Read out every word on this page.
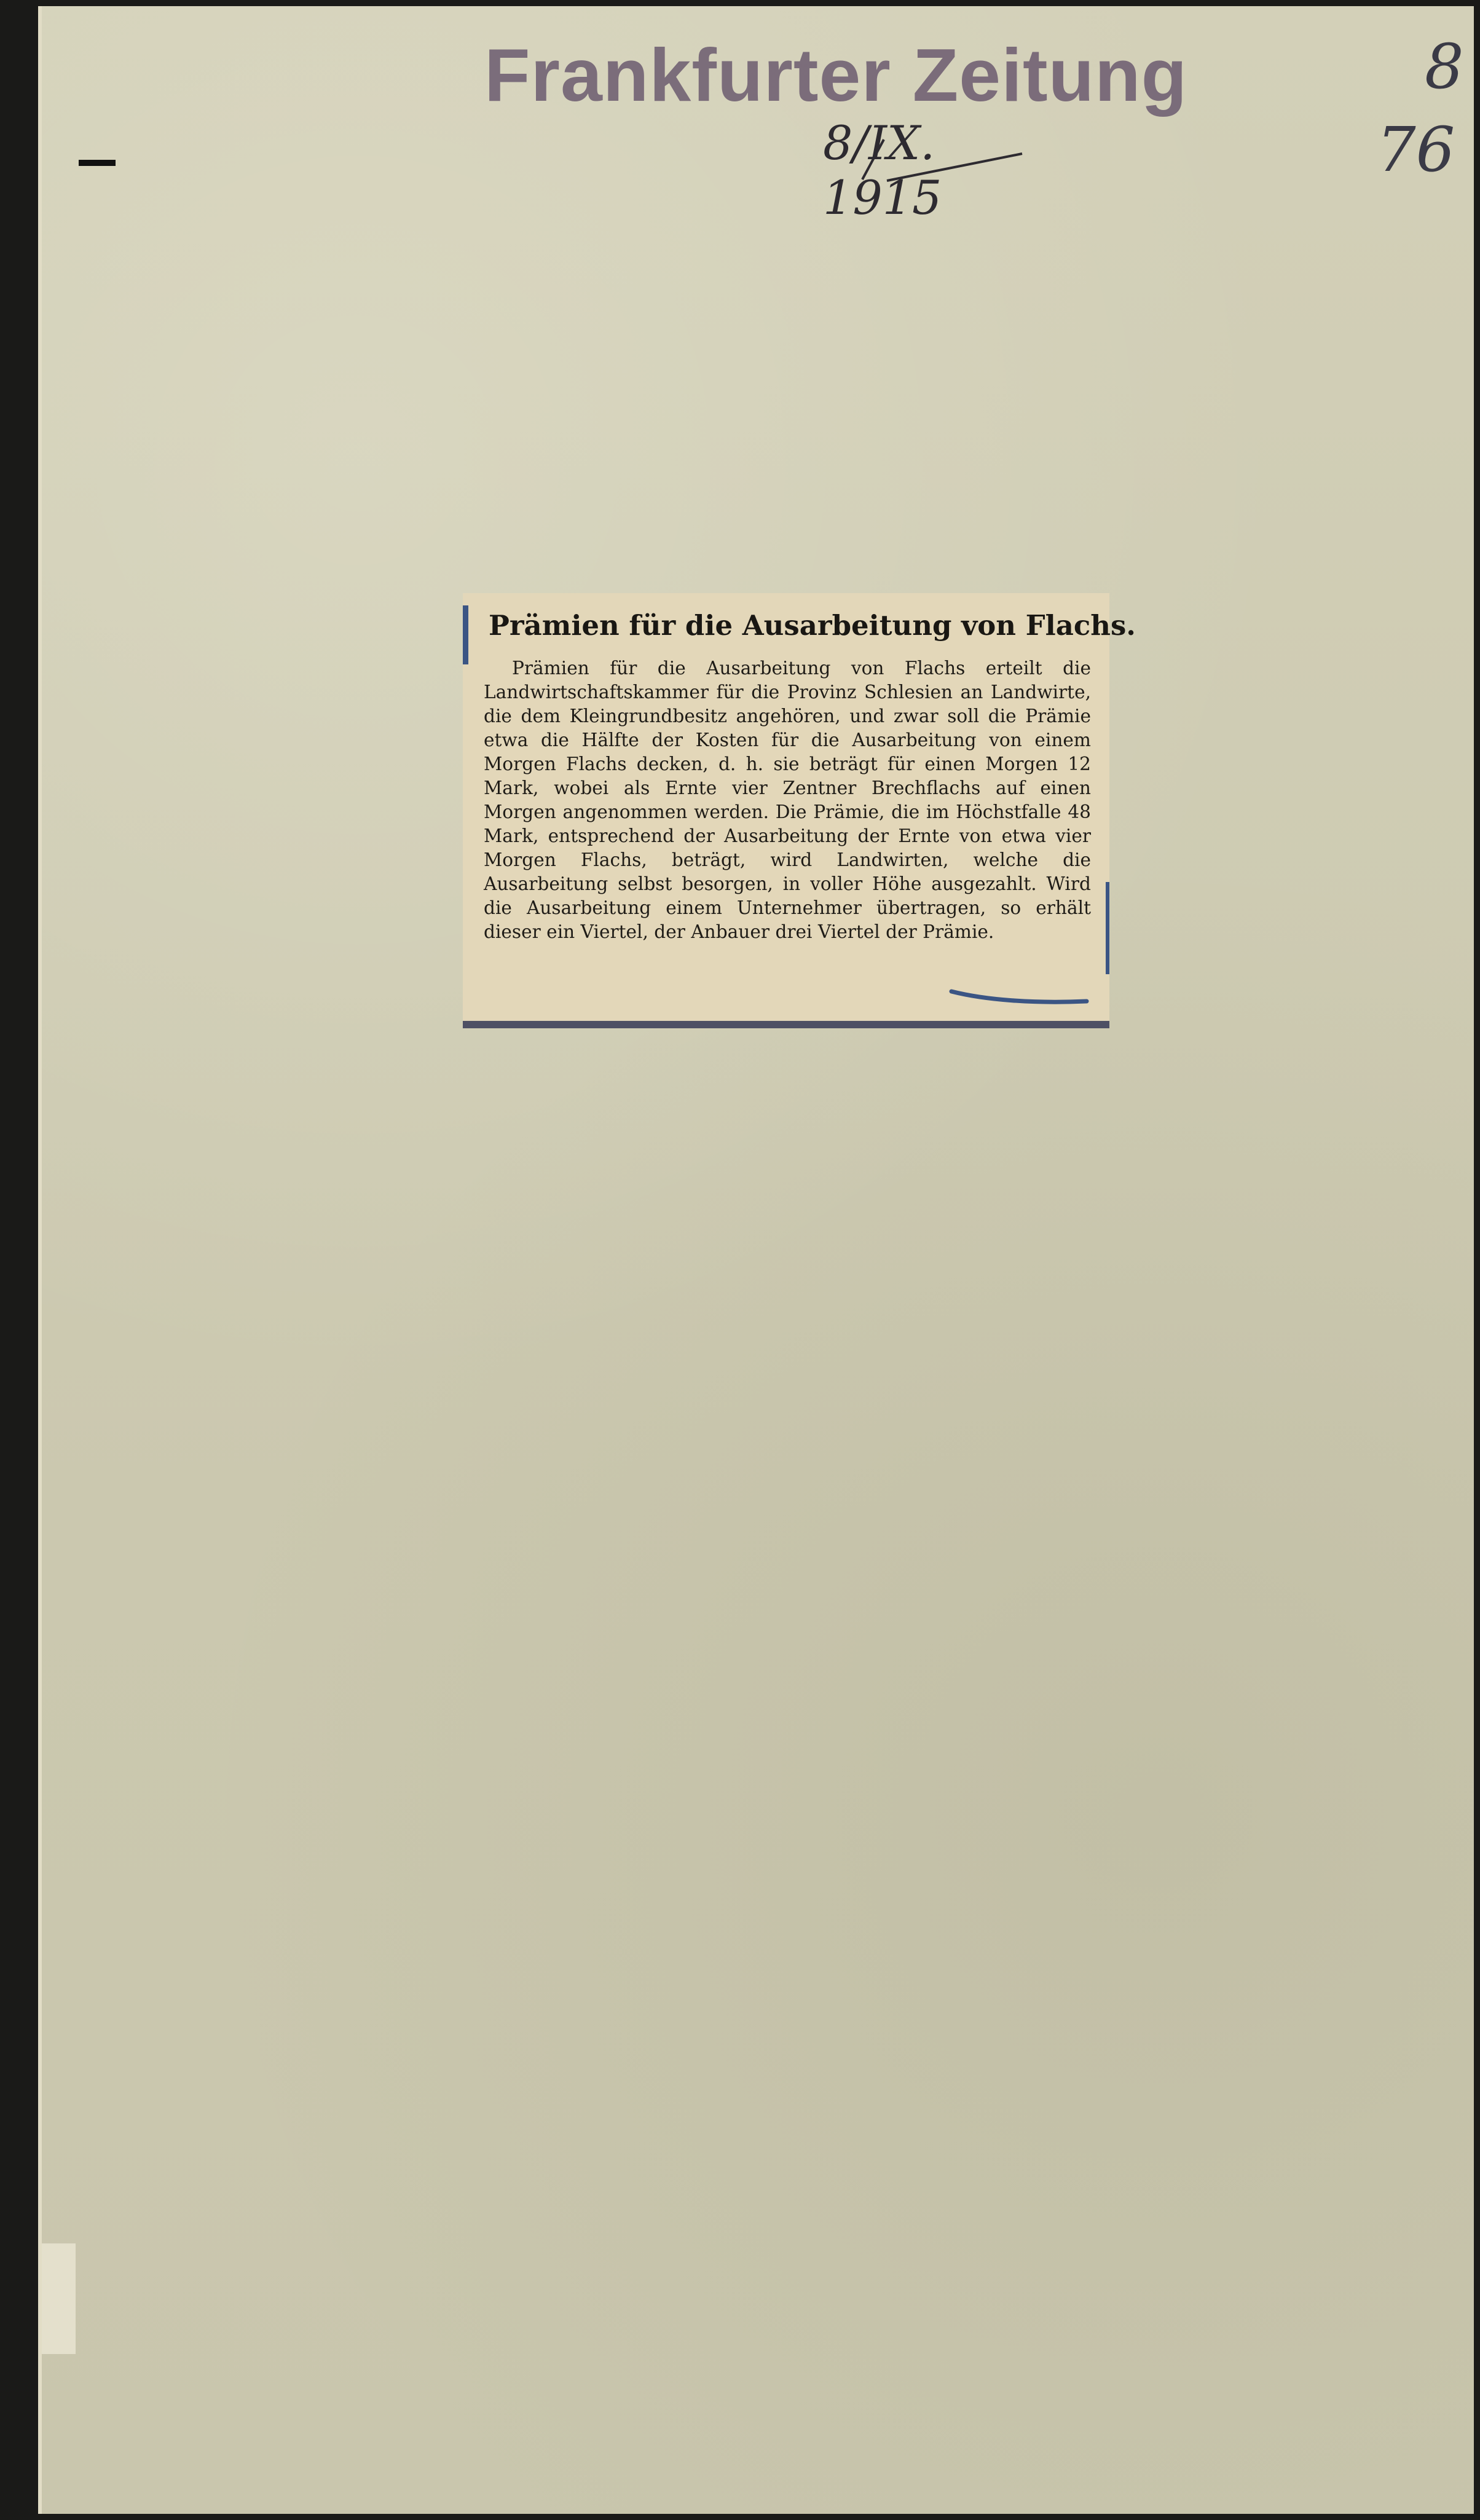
Frankfurter Zeitung
8/IX. 1915
8
76
Prämien für die Ausarbeitung von Flachs.

Prämien für die Ausarbeitung von Flachs erteilt die Landwirtschaftskammer für die Provinz Schlesien an Landwirte, die dem Kleingrundbesitz angehören, und zwar soll die Prämie etwa die Hälfte der Kosten für die Ausarbeitung von einem Morgen Flachs decken, d. h. sie beträgt für einen Morgen 12 Mark, wobei als Ernte vier Zentner Brechflachs auf einen Morgen angenommen werden. Die Prämie, die im Höchstfalle 48 Mark, entsprechend der Ausarbeitung der Ernte von etwa vier Morgen Flachs, beträgt, wird Landwirten, welche die Ausarbeitung selbst besorgen, in voller Höhe ausgezahlt. Wird die Ausarbeitung einem Unternehmer übertragen, so erhält dieser ein Viertel, der Anbauer drei Viertel der Prämie.
